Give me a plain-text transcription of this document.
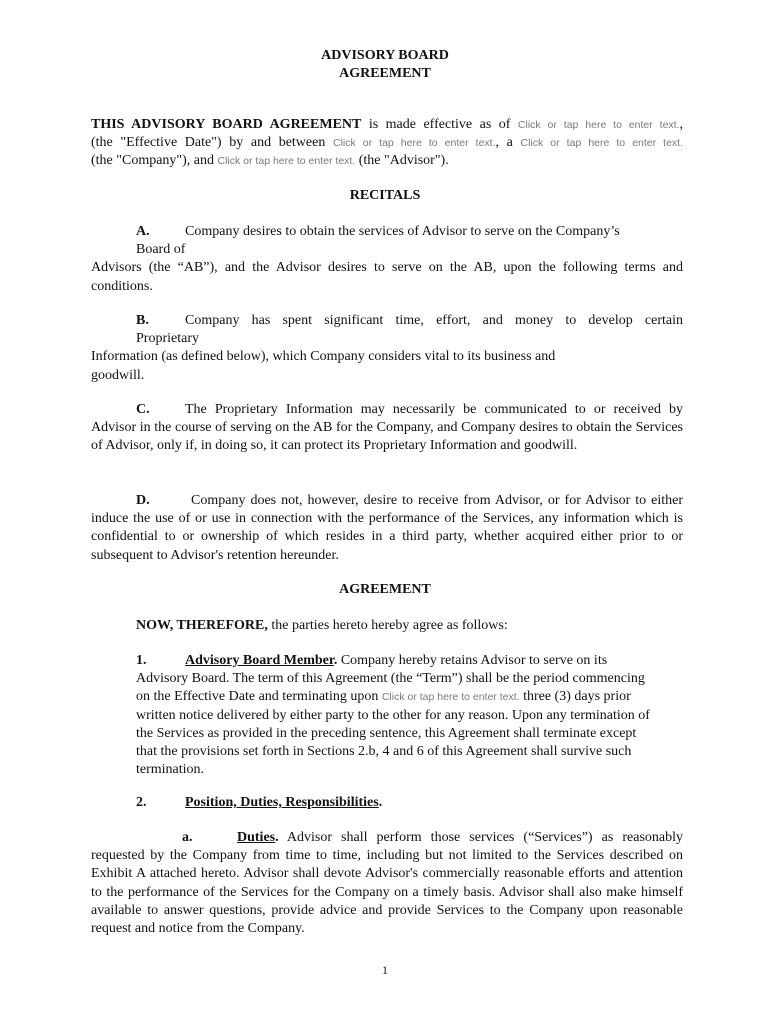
ADVISORY BOARD
AGREEMENT
THIS ADVISORY BOARD AGREEMENT is made effective as of Click or tap here to enter text.,
(the "Effective Date") by and between Click or tap here to enter text., a Click or tap here to enter text.
(the "Company"), and Click or tap here to enter text. (the "Advisor").
RECITALS
A.	Company desires to obtain the services of Advisor to serve on the Company’s
Board of
Advisors (the “AB”), and the Advisor desires to serve on the AB, upon the following terms and conditions.
B.	Company has spent significant time, effort, and money to develop certain
Proprietary
Information (as defined below), which Company considers vital to its business and goodwill.
C.	The Proprietary Information may necessarily be communicated to or received by Advisor in the course of serving on the AB for the Company, and Company desires to obtain the Services of Advisor, only if, in doing so, it can protect its Proprietary Information and goodwill.
D.	Company does not, however, desire to receive from Advisor, or for Advisor to either induce the use of or use in connection with the performance of the Services, any information which is confidential to or ownership of which resides in a third party, whether acquired either prior to or subsequent to Advisor's retention hereunder.
AGREEMENT
NOW, THEREFORE, the parties hereto hereby agree as follows:
1.	Advisory Board Member. Company hereby retains Advisor to serve on its Advisory Board. The term of this Agreement (the “Term”) shall be the period commencing on the Effective Date and terminating upon Click or tap here to enter text. three (3) days prior written notice delivered by either party to the other for any reason. Upon any termination of the Services as provided in the preceding sentence, this Agreement shall terminate except that the provisions set forth in Sections 2.b, 4 and 6 of this Agreement shall survive such termination.
2.	Position, Duties, Responsibilities.
a.	Duties. Advisor shall perform those services (“Services”) as reasonably requested by the Company from time to time, including but not limited to the Services described on Exhibit A attached hereto. Advisor shall devote Advisor's commercially reasonable efforts and attention to the performance of the Services for the Company on a timely basis. Advisor shall also make himself available to answer questions, provide advice and provide Services to the Company upon reasonable request and notice from the Company.
1
